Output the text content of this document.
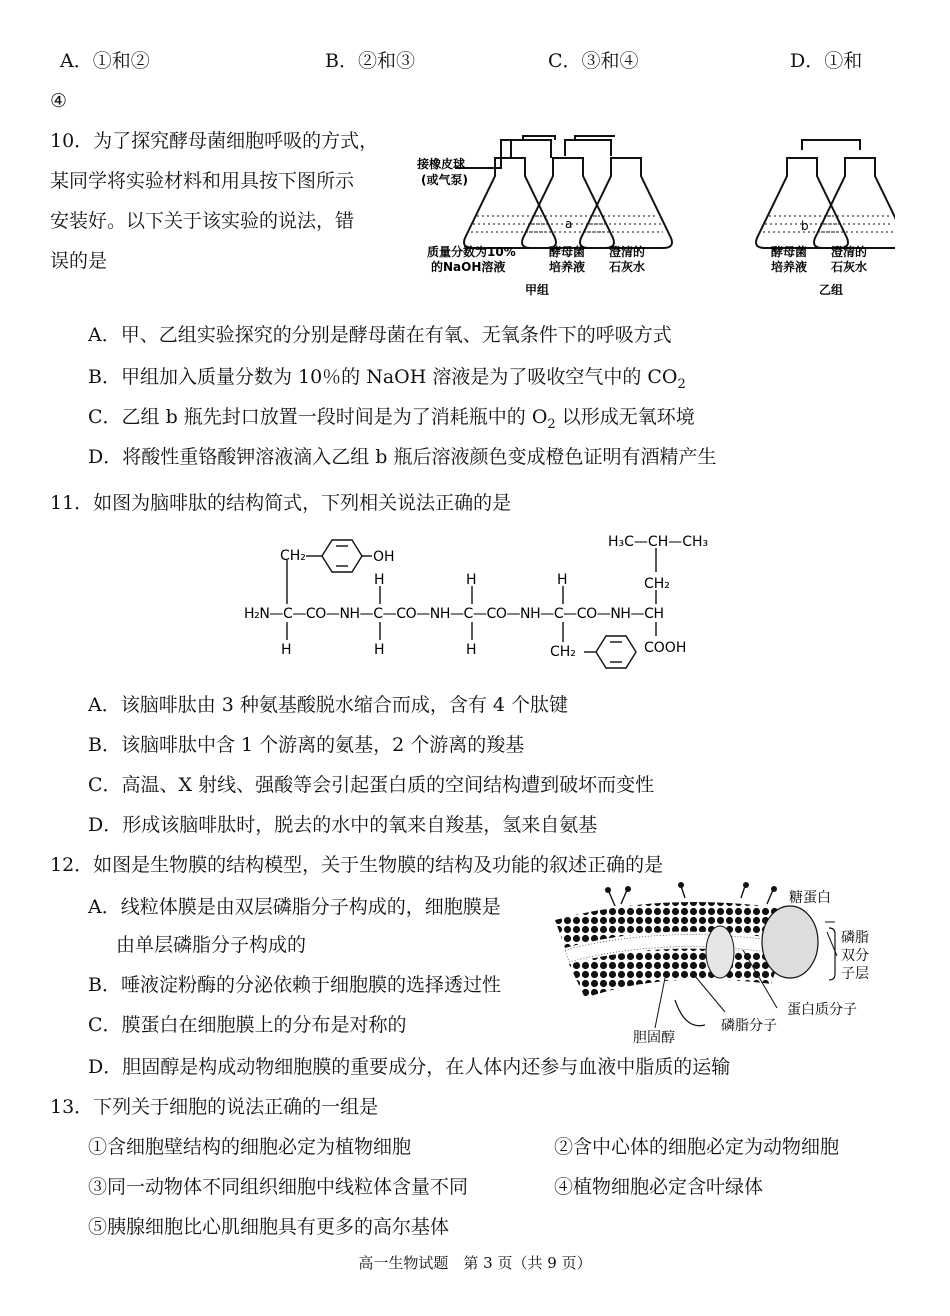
A．①和②	B．②和③	C．③和④	D．①和
④
10．为了探究酵母菌细胞呼吸的方式，
某同学将实验材料和用具按下图所示
安装好。以下关于该实验的说法，错
误的是
接橡皮球
(或气泵)
a	b
质量分数为10%
的NaOH溶液
酵母菌
培养液
澄清的
石灰水
酵母菌
培养液
澄清的
石灰水
甲组	乙组
A．甲、乙组实验探究的分别是酵母菌在有氧、无氧条件下的呼吸方式
B．甲组加入质量分数为 10％的 NaOH 溶液是为了吸收空气中的 $CO_2$
C．乙组 b 瓶先封口放置一段时间是为了消耗瓶中的 $O_2$ 以形成无氧环境
D．将酸性重铬酸钾溶液滴入乙组 b 瓶后溶液颜色变成橙色证明有酒精产生
11．如图为脑啡肽的结构简式，下列相关说法正确的是
CH₂	OH
H₃C—CH—CH₃
CH₂
H	H	H
H₂N—C—CO—NH—C—CO—NH—C—CO—NH—C—CO—NH—CH
H	H	H	CH₂	COOH
A．该脑啡肽由 3 种氨基酸脱水缩合而成，含有 4 个肽键
B．该脑啡肽中含 1 个游离的氨基，2 个游离的羧基
C．高温、X 射线、强酸等会引起蛋白质的空间结构遭到破坏而变性
D．形成该脑啡肽时，脱去的水中的氧来自羧基，氢来自氨基
12．如图是生物膜的结构模型，关于生物膜的结构及功能的叙述正确的是
A．线粒体膜是由双层磷脂分子构成的，细胞膜是
由单层磷脂分子构成的
B．唾液淀粉酶的分泌依赖于细胞膜的选择透过性
C．膜蛋白在细胞膜上的分布是对称的
D．胆固醇是构成动物细胞膜的重要成分，在人体内还参与血液中脂质的运输
糖蛋白
磷脂
双分
子层
蛋白质分子
磷脂分子
胆固醇
13．下列关于细胞的说法正确的一组是
①含细胞壁结构的细胞必定为植物细胞	②含中心体的细胞必定为动物细胞
③同一动物体不同组织细胞中线粒体含量不同	④植物细胞必定含叶绿体
⑤胰腺细胞比心肌细胞具有更多的高尔基体
高一生物试题　第 3 页（共 9 页）
